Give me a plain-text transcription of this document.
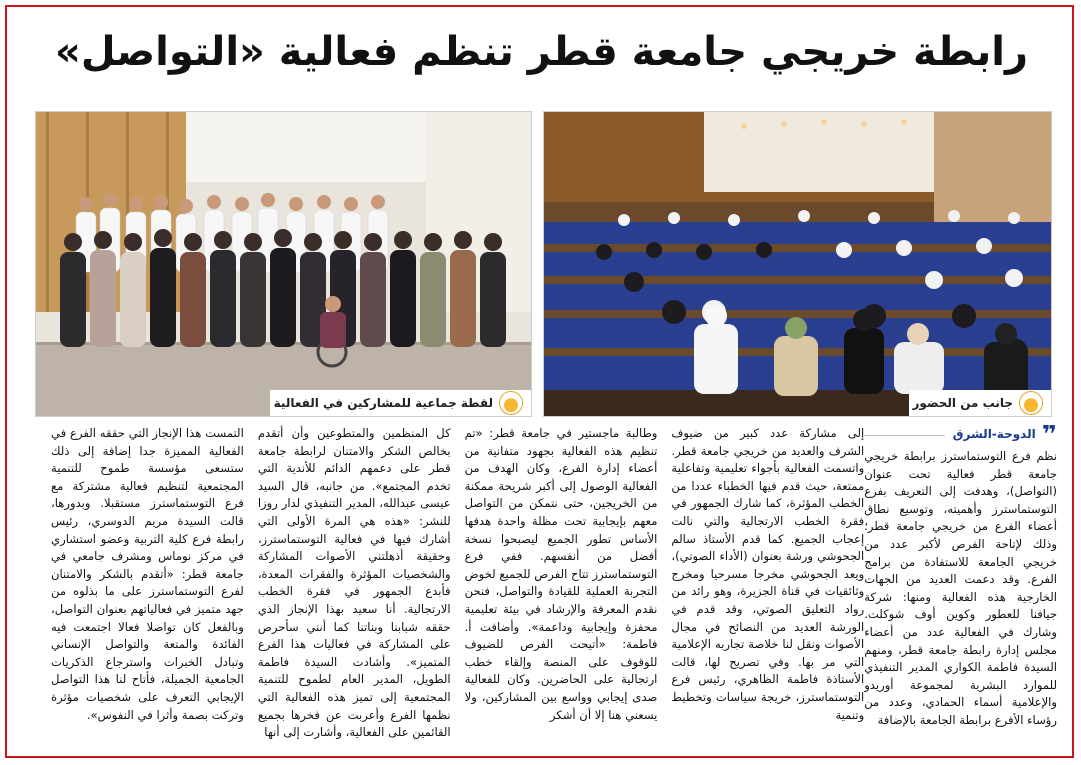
رابطة خريجي جامعة قطر تنظم فعالية «التواصل»
لقطة جماعية للمشاركين في الفعالية	جانب من الحضور
❞
الدوحة-الشرق

نظم فرع التوستماسترز برابطة خريجي جامعة قطر فعالية تحت عنوان (التواصل)، وهدفت إلى التعريف بفرع التوستماسترز وأهميته، وتوسيع نطاق أعضاء الفرع من خريجي جامعة قطر؛ وذلك لإتاحة الفرص لأكبر عدد من خريجي الجامعة للاستفادة من برامج الفرع. وقد دعمت العديد من الجهات الخارجية هذه الفعالية ومنها: شركة جيافنا للعطور وكوين أوف شوكلت. وشارك في الفعالية عدد من أعضاء مجلس إدارة رابطة جامعة قطر، ومنهم السيدة فاطمة الكواري المدير التنفيذي للموارد البشرية لمجموعة أوريدو والإعلامية أسماء الحمادي، وعدد من رؤساء الأفرع برابطة الجامعة بالإضافة

إلى مشاركة عدد كبير من ضيوف الشرف والعديد من خريجي جامعة قطر. واتسمت الفعالية بأجواء تعليمية وتفاعلية ممتعة، حيث قدم فيها الخطباء عددا من الخطب المؤثرة، كما شارك الجمهور في فقرة الخطب الارتجالية والتي نالت إعجاب الجميع. كما قدم الأستاذ سالم الجحوشي ورشة بعنوان (الأداء الصوتي)، ويعد الجحوشي مخرجا مسرحيا ومخرج وثائقيات في قناة الجزيرة، وهو رائد من رواد التعليق الصوتي، وقد قدم في الورشة العديد من النصائح في مجال الأصوات ونقل لنا خلاصة تجاربه الإعلامية التي مر بها. وفي تصريح لها، قالت الأستاذة فاطمة الظاهري، رئيس فرع التوستماسترز، خريجة سياسات وتخطيط وتنمية

وطالبة ماجستير في جامعة قطر: «تم تنظيم هذه الفعالية بجهود متفانية من أعضاء إدارة الفرع، وكان الهدف من الفعالية الوصول إلى أكبر شريحة ممكنة من الخريجين، حتى نتمكن من التواصل معهم بإيجابية تحت مظلة واحدة هدفها الأساس تطور الجميع ليصبحوا نسخة أفضل من أنفسهم. ففي فرع التوستماسترز تتاح الفرص للجميع لخوض التجربة العملية للقيادة والتواصل، فنحن نقدم المعرفة والإرشاد في بيئة تعليمية محفزة وإيجابية وداعمة». وأضافت أ. فاطمة: «أتيحت الفرص للضيوف للوقوف على المنصة وإلقاء خطب ارتجالية على الحاضرين. وكان للفعالية صدى إيجابي وواسع بين المشاركين، ولا يسعني هنا إلا أن أشكر

كل المنظمين والمتطوعين وأن أتقدم بخالص الشكر والامتنان لرابطة جامعة قطر على دعمهم الدائم للأندية التي تخدم المجتمع». من جانبه، قال السيد عيسى عبدالله، المدير التنفيذي لدار روزا للنشر: «هذه هي المرة الأولى التي أشارك فيها في فعالية التوستماسترز، وحقيقة أذهلتني الأصوات المشاركة والشخصيات المؤثرة والفقرات المعدة، فأبدع الجمهور في فقرة الخطب الارتجالية. أنا سعيد بهذا الإنجاز الذي حققه شبابنا وبناتنا كما أنني سأحرص على المشاركة في فعاليات هذا الفرع المتميز». وأشادت السيدة فاطمة الطويل، المدير العام لطموح للتنمية المجتمعية إلى تميز هذه الفعالية التي نظمها الفرع وأعربت عن فخرها بجميع القائمين على الفعالية، وأشارت إلى أنها

التمست هذا الإنجاز التي حققه الفرع في الفعالية المميزة جدا إضافة إلى ذلك ستسعى مؤسسة طموح للتنمية المجتمعية لتنظيم فعالية مشتركة مع فرع التوستماسترز مستقبلا. وبدورها، قالت السيدة مريم الدوسري، رئيس رابطة فرع كلية التربية وعضو استشاري في مركز نوماس ومشرف جامعي في جامعة قطر: «أتقدم بالشكر والامتنان لفرع التوستماسترز على ما بذلوه من جهد متميز في فعالياتهم بعنوان التواصل، وبالفعل كان تواصلا فعالا اجتمعت فيه الفائدة والمتعة والتواصل الإنساني وتبادل الخبرات واسترجاع الذكريات الجامعية الجميلة، فأتاح لنا هذا التواصل الإيجابي التعرف على شخصيات مؤثرة وتركت بصمة وأثرا في النفوس».
